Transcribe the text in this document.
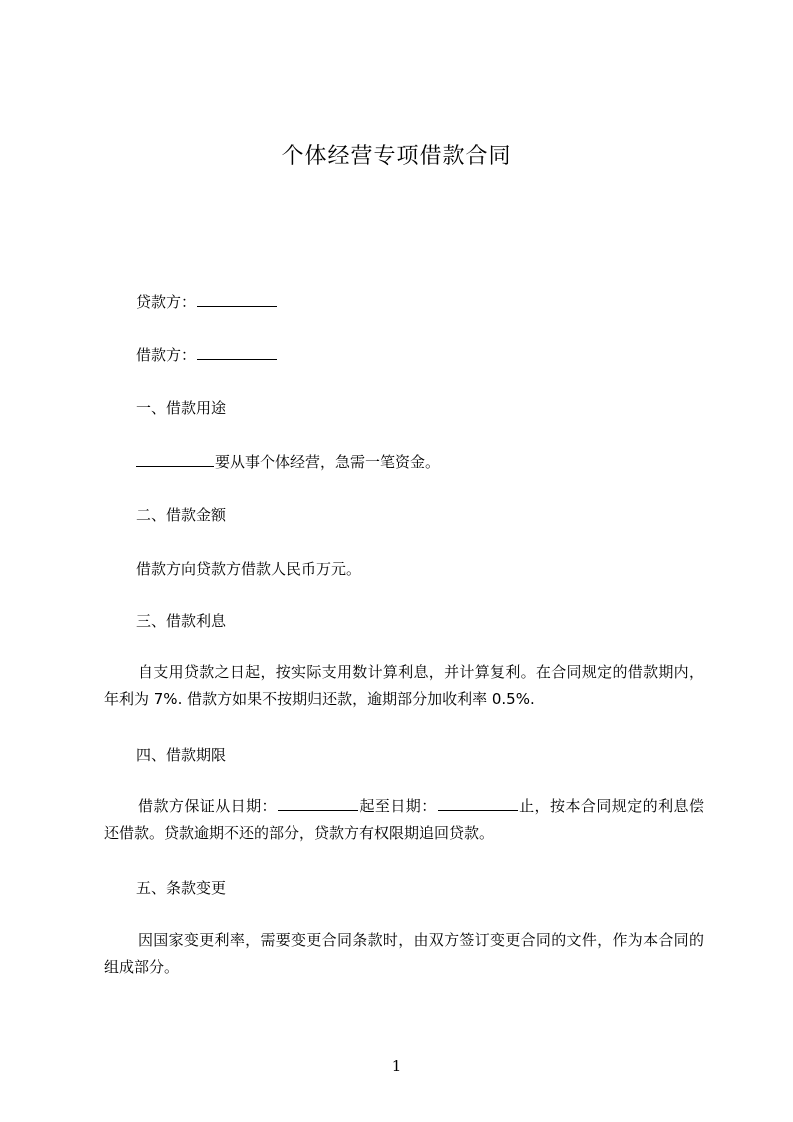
个体经营专项借款合同
贷款方：
借款方：
一、借款用途
要从事个体经营，急需一笔资金。
二、借款金额
借款方向贷款方借款人民币万元。
三、借款利息
自支用贷款之日起，按实际支用数计算利息，并计算复利。在合同规定的借款期内，年利为 7%. 借款方如果不按期归还款，逾期部分加收利率 0.5%.
四、借款期限
借款方保证从日期：	起至日期：	止，按本合同规定的利息偿还借款。贷款逾期不还的部分，贷款方有权限期追回贷款。
五、条款变更
因国家变更利率，需要变更合同条款时，由双方签订变更合同的文件，作为本合同的组成部分。
1
